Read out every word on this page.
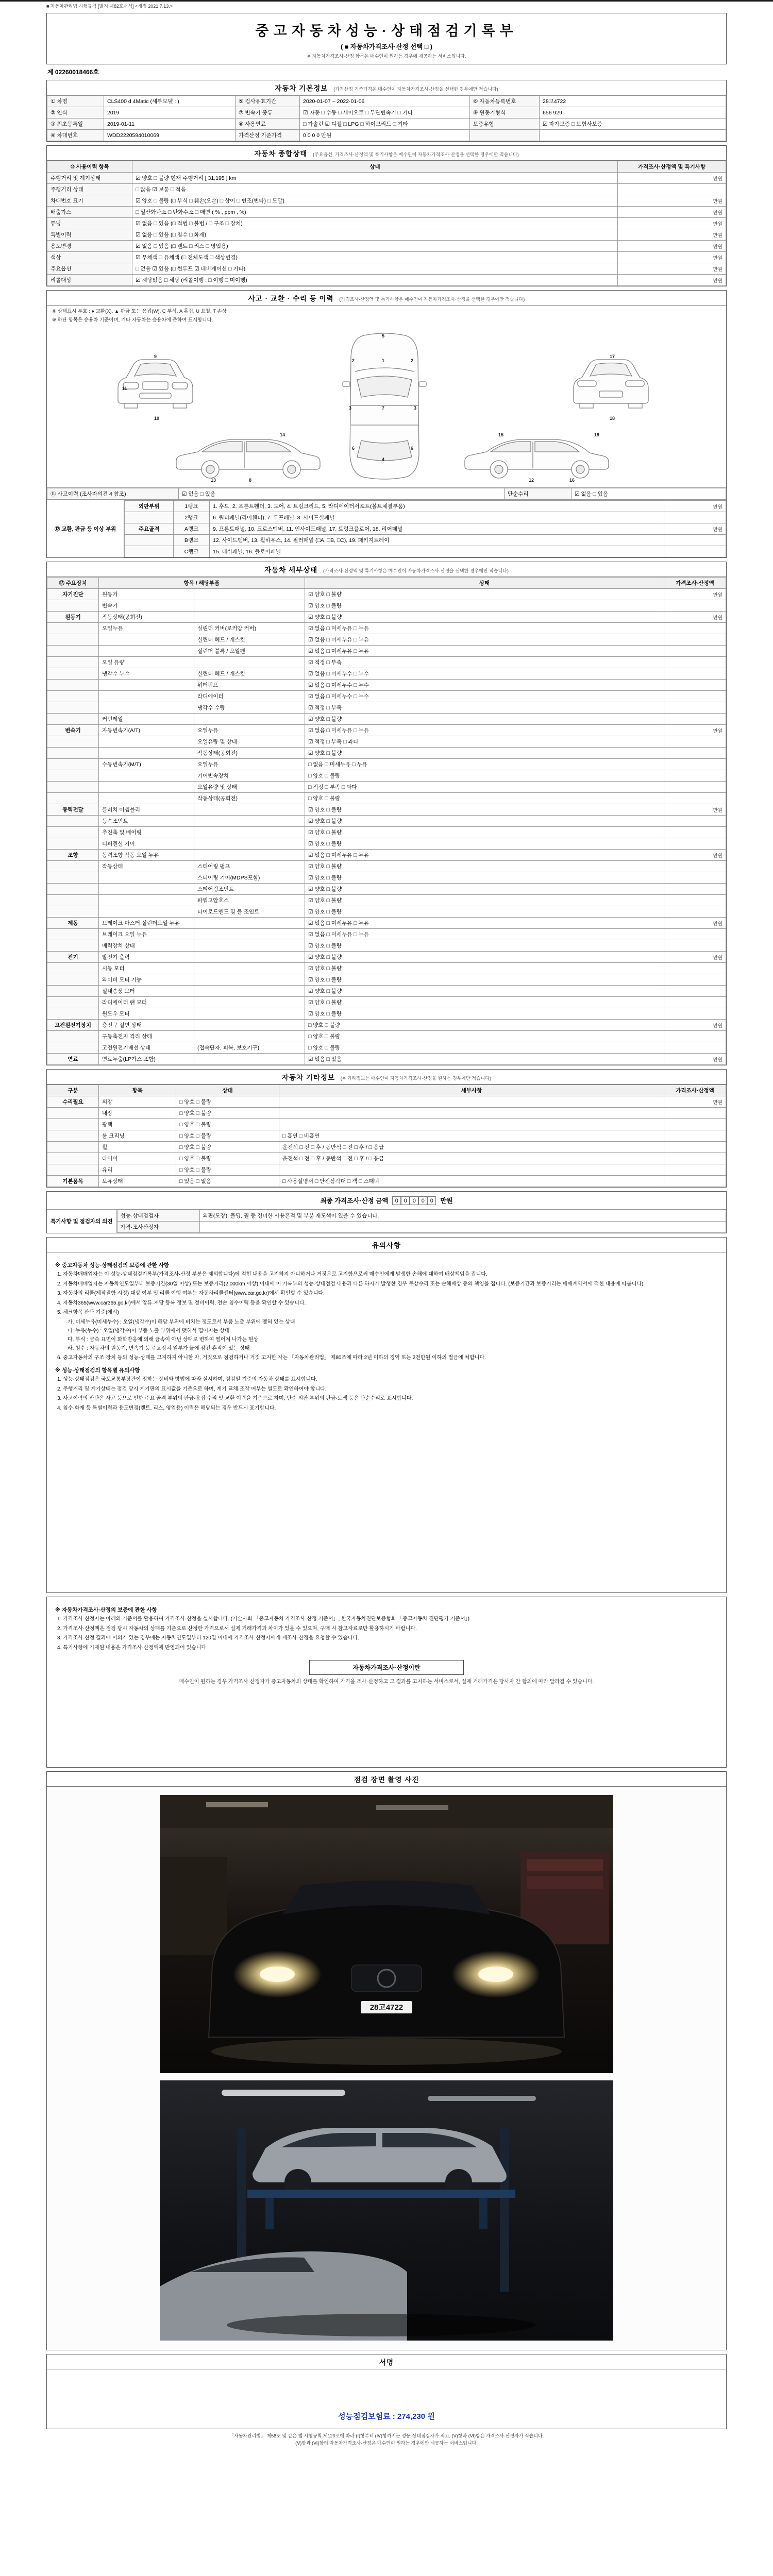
■ 자동차관리법 시행규칙 [별지 제82호서식] <개정 2021.7.13.>
중고자동차성능·상태점검기록부
( ■ 자동차가격조사·산정 선택 □ )
※ 자동차가격조사·산정 항목은 매수인이 원하는 경우에 제공하는 서비스입니다.
제 02260018466호
자동차 기본정보 (가격산정 기준가격은 매수인이 자동차가격조사·산정을 선택한 경우에만 적습니다)
① 차명	CLS400 d 4Matic (세부모델 : )	⑤ 검사유효기간	2020-01-07 ~ 2022-01-06	⑥ 자동차등록번호	28고4722
② 연식	2019	⑦ 변속기 종류	☑ 자동 □ 수동 □ 세미오토 □ 무단변속기 □ 기타	⑨ 원동기형식	656 929
③ 최초등록일	2019-01-11	⑧ 사용연료	□ 가솔린 ☑ 디젤 □ LPG □ 하이브리드 □ 기타	보증유형	☑ 자가보증 □ 보험사보증
④ 차대번호	WDD2220594010069	가격산정 기준가격	0 0 0 0 만원		
자동차 종합상태 (주요옵션, 가격조사·산정액 및 특기사항은 매수인이 자동차가격조사·산정을 선택한 경우에만 적습니다)
⑩ 사용이력 항목	상태	가격조사·산정액 및 특기사항
주행거리 및 계기상태	☑ 양호 □ 불량 현재 주행거리 [ 31,195 ] km	만원
주행거리 상태	□ 많음 ☑ 보통 □ 적음	
차대번호 표기	☑ 양호 □ 불량 (□ 부식 □ 훼손(오손) □ 상이 □ 변조(변타) □ 도말)	만원
배출가스	□ 일산화탄소 □ 탄화수소 □ 매연 ( % , ppm , %)	만원
튜닝	☑ 없음 □ 있음 (□ 적법 □ 불법 / □ 구조 □ 장치)	만원
특별이력	☑ 없음 □ 있음 (□ 침수 □ 화재)	만원
용도변경	☑ 없음 □ 있음 (□ 렌트 □ 리스 □ 영업용)	만원
색상	☑ 무채색 □ 유채색 (□ 전체도색 □ 색상변경)	만원
주요옵션	□ 없음 ☑ 있음 (□ 썬루프 ☑ 네비게이션 □ 기타)	만원
리콜대상	☑ 해당없음 □ 해당 (리콜이행 : □ 이행 □ 미이행)	만원
사고 · 교환 · 수리 등 이력 (가격조사·산정액 및 특기사항은 매수인이 자동차가격조사·산정을 선택한 경우에만 적습니다)
※ 상태표시 부호 : ● 교환(X), ▲ 판금 또는 용접(W), C 부식, A 흠집, U 요철, T 손상
※ 하단 항목은 승용차 기준이며, 기타 자동차는 승용차에 준하여 표시합니다.
5
1
7
4
2	2
3	3
6	6
9
10
11
17
18
8
14
13	12
15
16
19
⑪ 사고이력 (조사자의견 4 참조)	☑ 없음 □ 있음	단순수리	☑ 없음 □ 있음
⑫ 교환, 판금 등 이상 부위
외판부위	1랭크	1. 후드, 2. 프론트휀더, 3. 도어, 4. 트렁크리드, 5. 라디에이터서포트(볼트체결부품)	만원
	2랭크	6. 쿼터패널(리어휀더), 7. 루프패널, 8. 사이드실패널	
주요골격	A랭크	9. 프론트패널, 10. 크로스멤버, 11. 인사이드패널, 17. 트렁크플로어, 18. 리어패널	만원
	B랭크	12. 사이드멤버, 13. 휠하우스, 14. 필러패널 (□A, □B, □C), 19. 패키지트레이	
	C랭크	15. 대쉬패널, 16. 플로어패널	
자동차 세부상태 (가격조사·산정액 및 특기사항은 매수인이 자동차가격조사·산정을 선택한 경우에만 적습니다)
⑬ 주요장치	항목 / 해당부품		상태	가격조사·산정액
자기진단	원동기		☑ 양호 □ 불량	만원
	변속기		☑ 양호 □ 불량	
원동기	작동상태(공회전)		☑ 양호 □ 불량	만원
	오일누유	실린더 커버(로커암 커버)	☑ 없음 □ 미세누유 □ 누유	
		실린더 헤드 / 개스킷	☑ 없음 □ 미세누유 □ 누유	
		실린더 블록 / 오일팬	☑ 없음 □ 미세누유 □ 누유	
	오일 유량		☑ 적정 □ 부족	
	냉각수 누수	실린더 헤드 / 개스킷	☑ 없음 □ 미세누수 □ 누수	
		워터펌프	☑ 없음 □ 미세누수 □ 누수	
		라디에이터	☑ 없음 □ 미세누수 □ 누수	
		냉각수 수량	☑ 적정 □ 부족	
	커먼레일		☑ 양호 □ 불량	
변속기	자동변속기(A/T)	오일누유	☑ 없음 □ 미세누유 □ 누유	만원
		오일유량 및 상태	☑ 적정 □ 부족 □ 과다	
		작동상태(공회전)	☑ 양호 □ 불량	
	수동변속기(M/T)	오일누유	□ 없음 □ 미세누유 □ 누유	
		기어변속장치	□ 양호 □ 불량	
		오일유량 및 상태	□ 적정 □ 부족 □ 과다	
		작동상태(공회전)	□ 양호 □ 불량	
동력전달	클러치 어셈블리		☑ 양호 □ 불량	만원
	등속조인트		☑ 양호 □ 불량	
	추진축 및 베어링		☑ 양호 □ 불량	
	디퍼렌셜 기어		☑ 양호 □ 불량	
조향	동력조향 작동 오일 누유		☑ 없음 □ 미세누유 □ 누유	만원
	작동상태	스티어링 펌프	☑ 양호 □ 불량	
		스티어링 기어(MDPS포함)	☑ 양호 □ 불량	
		스티어링조인트	☑ 양호 □ 불량	
		파워고압호스	☑ 양호 □ 불량	
		타이로드엔드 및 볼 조인트	☑ 양호 □ 불량	
제동	브레이크 마스터 실린더오일 누유		☑ 없음 □ 미세누유 □ 누유	만원
	브레이크 오일 누유		☑ 없음 □ 미세누유 □ 누유	
	배력장치 상태		☑ 양호 □ 불량	
전기	발전기 출력		☑ 양호 □ 불량	만원
	시동 모터		☑ 양호 □ 불량	
	와이퍼 모터 기능		☑ 양호 □ 불량	
	실내송풍 모터		☑ 양호 □ 불량	
	라디에이터 팬 모터		☑ 양호 □ 불량	
	윈도우 모터		☑ 양호 □ 불량	
고전원전기장치	충전구 절연 상태		□ 양호 □ 불량	만원
	구동축전지 격리 상태		□ 양호 □ 불량	
	고전원전기배선 상태	(접속단자, 피복, 보호기구)	□ 양호 □ 불량	
연료	연료누출(LP가스 포함)		☑ 없음 □ 있음	만원
자동차 기타정보 (※ 기타정보는 매수인이 자동차가격조사·산정을 원하는 경우에만 적습니다)
구분	항목	상태	세부사항	가격조사·산정액
수리필요	외장	□ 양호 □ 불량		만원
	내장	□ 양호 □ 불량		
	광택	□ 양호 □ 불량		
	룸 크리닝	□ 양호 □ 불량	□ 흡연 □ 비흡연	
	휠	□ 양호 □ 불량	운전석 □ 전 □ 후 / 동반석 □ 전 □ 후 / □ 응급	
	타이어	□ 양호 □ 불량	운전석 □ 전 □ 후 / 동반석 □ 전 □ 후 / □ 응급	
	유리	□ 양호 □ 불량		
기본품목	보유상태	□ 있음 □ 없음	□ 사용설명서 □ 안전삼각대 □ 잭 □ 스패너	
최종 가격조사·산정 금액	0 0 0 0 0	만원
특기사항 및 점검자의 의견
성능·상태점검자	외판(도장), 몰딩, 휠 등 경미한 사용흔적 및 부분 재도색이 있을 수 있습니다.
가격·조사산정자	
유의사항
※ 중고자동차 성능·상태점검의 보증에 관한 사항
1. 자동차매매업자는 이 성능·상태점검기록부(가격조사·산정 부분은 제외합니다)에 적힌 내용을 고지하지 아니하거나 거짓으로 고지함으로써 매수인에게 발생한 손해에 대하여 배상책임을 집니다.
2. 자동차매매업자는 자동차인도일부터 보증기간(30일 이상) 또는 보증거리(2,000km 이상) 이내에 이 기록부의 성능·상태점검 내용과 다른 하자가 발생한 경우 무상수리 또는 손해배상 등의 책임을 집니다. (보증기간과 보증거리는 매매계약서에 적힌 내용에 따릅니다)
3. 자동차의 리콜(제작결함 시정) 대상 여부 및 리콜 이행 여부는 자동차리콜센터(www.car.go.kr)에서 확인할 수 있습니다.
4. 자동차365(www.car365.go.kr)에서 압류·저당 등록 정보 및 정비이력, 전손·침수이력 등을 확인할 수 있습니다.
5. 체크항목 판단 기준(예시)
가. 미세누유(미세누수) : 오일(냉각수)이 해당 부위에 비치는 정도로서 부품 노출 부위에 맺혀 있는 상태
나. 누유(누수) : 오일(냉각수)이 부품 노출 부위에서 맺혀서 떨어지는 상태
다. 부식 : 금속 표면이 화학반응에 의해 금속이 아닌 상태로 변하여 떨어져 나가는 현상
라. 침수 : 자동차의 원동기, 변속기 등 주요장치 일부가 물에 잠긴 흔적이 있는 상태
6. 중고자동차의 구조·장치 등의 성능·상태를 고지하지 아니한 자, 거짓으로 점검하거나 거짓 고지한 자는 「자동차관리법」 제80조에 따라 2년 이하의 징역 또는 2천만원 이하의 벌금에 처합니다.
※ 성능·상태점검의 항목별 유의사항
1. 성능·상태점검은 국토교통부장관이 정하는 장비와 방법에 따라 실시하며, 점검일 기준의 자동차 상태를 표시합니다.
2. 주행거리 및 계기상태는 점검 당시 계기판의 표시값을 기준으로 하며, 계기 교체·조작 여부는 별도로 확인하여야 합니다.
3. 사고이력의 판단은 사고 등으로 인한 주요 골격 부위의 판금·용접 수리 및 교환 이력을 기준으로 하며, 단순 외판 부위의 판금·도색 등은 단순수리로 표시합니다.
4. 침수·화재 등 특별이력과 용도변경(렌트, 리스, 영업용) 이력은 해당되는 경우 반드시 표기합니다.
※ 자동차가격조사·산정의 보증에 관한 사항
1. 가격조사·산정자는 아래의 기준서를 활용하여 가격조사·산정을 실시합니다. (기술사회 「중고자동차 가격조사·산정 기준서」, 한국자동차진단보증협회 「중고자동차 진단평가 기준서」)
2. 가격조사·산정액은 점검 당시 자동차의 상태를 기준으로 산정한 가격으로서 실제 거래가격과 차이가 있을 수 있으며, 구매 시 참고자료로만 활용하시기 바랍니다.
3. 가격조사·산정 결과에 이의가 있는 경우에는 자동차인도일부터 120일 이내에 가격조사·산정자에게 재조사·산정을 요청할 수 있습니다.
4. 특기사항에 기재된 내용은 가격조사·산정액에 반영되어 있습니다.
자동차가격조사·산정이란
매수인이 원하는 경우 가격조사·산정자가 중고자동차의 상태를 확인하여 가격을 조사·산정하고 그 결과를 고지하는 서비스로서, 실제 거래가격은 당사자 간 합의에 따라 달라질 수 있습니다.
점검 장면 촬영 사진
28고4722
서명
성능점검보험료 : 274,230 원
「자동차관리법」 제58조 및 같은 법 시행규칙 제120조에 따라 (Ⅰ)항부터 (Ⅳ)항까지는 성능·상태점검자가 적고, (Ⅴ)항과 (Ⅵ)항은 가격조사·산정자가 적습니다.
(Ⅴ)항과 (Ⅵ)항의 자동차가격조사·산정은 매수인이 원하는 경우에만 제공하는 서비스입니다.
